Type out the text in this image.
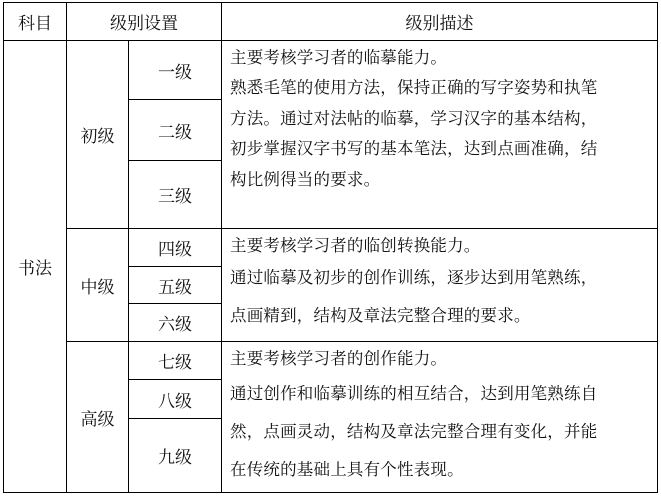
科目	级别设置	级别描述
书法
初级
中级
高级
一级
二级
三级
四级
五级
六级
七级
八级
九级
主要考核学习者的临摹能力。
熟悉毛笔的使用方法，保持正确的写字姿势和执笔
方法。通过对法帖的临摹，学习汉字的基本结构，
初步掌握汉字书写的基本笔法，达到点画准确，结
构比例得当的要求。
主要考核学习者的临创转换能力。
通过临摹及初步的创作训练，逐步达到用笔熟练，
点画精到，结构及章法完整合理的要求。
主要考核学习者的创作能力。
通过创作和临摹训练的相互结合，达到用笔熟练自
然，点画灵动，结构及章法完整合理有变化，并能
在传统的基础上具有个性表现。
